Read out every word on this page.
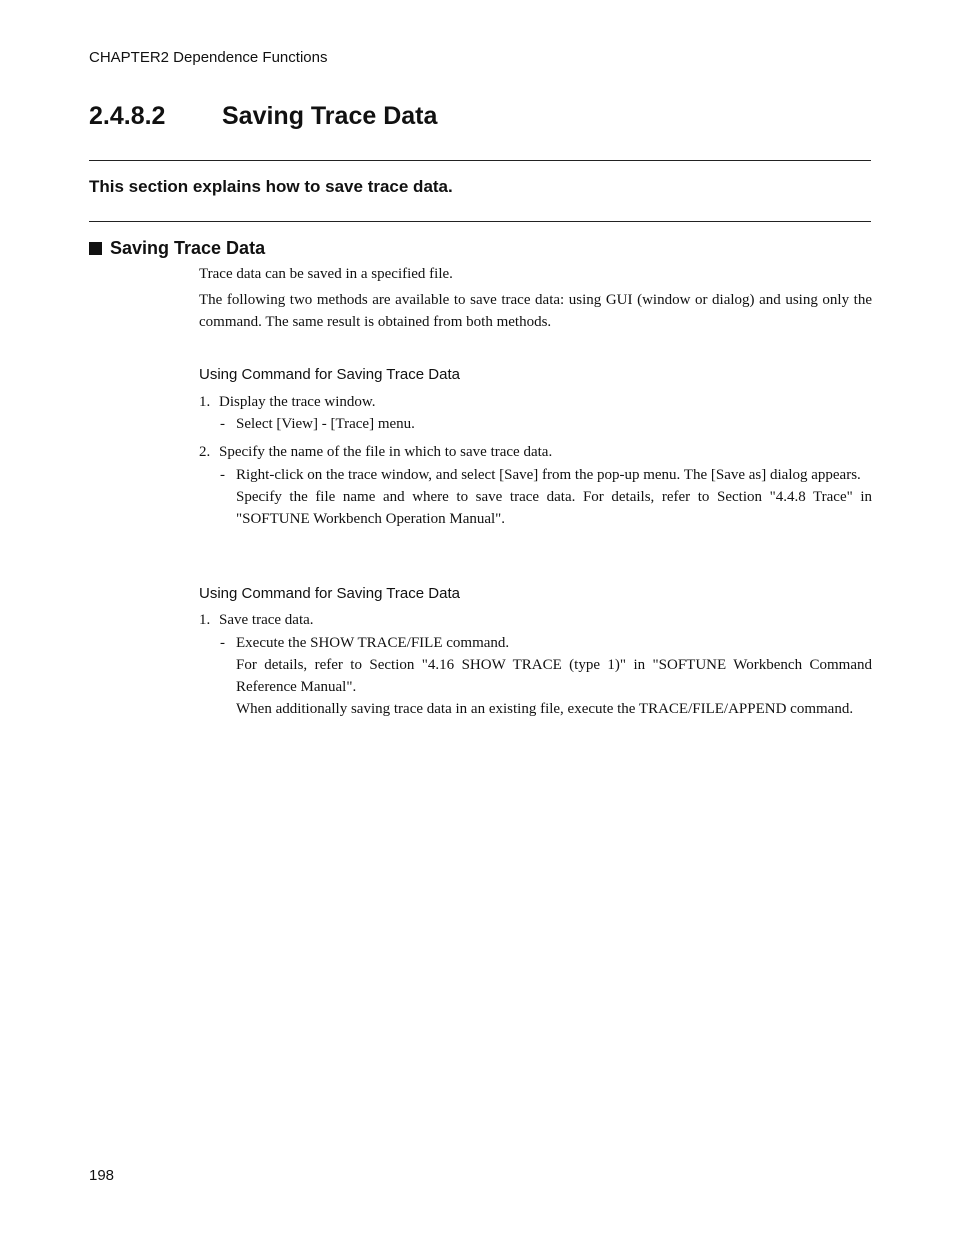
CHAPTER2 Dependence Functions
2.4.8.2 Saving Trace Data
This section explains how to save trace data.
Saving Trace Data

Trace data can be saved in a specified file.

The following two methods are available to save trace data: using GUI (window or dialog) and using only the command. The same result is obtained from both methods.

Using Command for Saving Trace Data
1. Display the trace window.
- Select [View] - [Trace] menu.

2. Specify the name of the file in which to save trace data.
- Right-click on the trace window, and select [Save] from the pop-up menu. The [Save as] dialog appears.

Specify the file name and where to save trace data. For details, refer to Section "4.4.8 Trace" in "SOFTUNE Workbench Operation Manual".

Using Command for Saving Trace Data
1. Save trace data.
- Execute the SHOW TRACE/FILE command.

For details, refer to Section "4.16 SHOW TRACE (type 1)" in "SOFTUNE Workbench Command Reference Manual".

When additionally saving trace data in an existing file, execute the TRACE/FILE/APPEND command.

198
